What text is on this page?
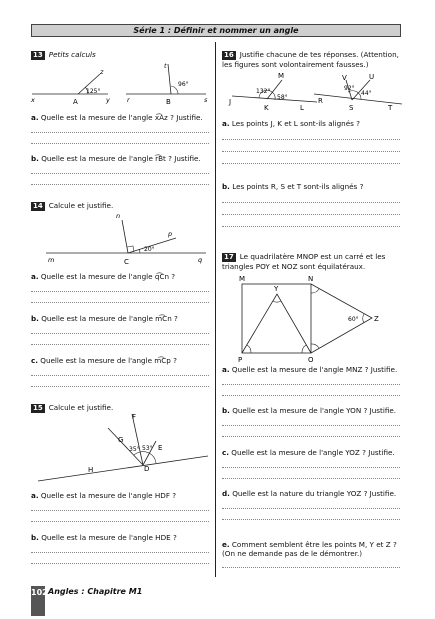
Série 1 : Définir et nommer un angle
13 Petits calculs
125°
x	A	y
z
96°
r	B	s
t
a. Quelle est la mesure de l'angle x͡Az ? Justifie.
b. Quelle est la mesure de l'angle r͡Bt ? Justifie.
14 Calcule et justifie.
20°
n
p
m	C	q
a. Quelle est la mesure de l'angle q͡Cn ?
b. Quelle est la mesure de l'angle m͡Cn ?
c. Quelle est la mesure de l'angle m͡Cp ?
15 Calcule et justifie.
35° 53°
F
G
E
H	D
a. Quelle est la mesure de l'angle HDF ?
b. Quelle est la mesure de l'angle HDE ?
16 Justifie chacune de tes réponses. (Attention, les figures sont volontairement fausses.)
132°
58°
M
J
K	L
92°
44°
V	U
R
S	T
a. Les points J, K et L sont-ils alignés ?
b. Les points R, S et T sont-ils alignés ?
17 Le quadrilatère MNOP est un carré et les triangles POY et NOZ sont équilatéraux.
60°
M
Y
N
Z
P	O
a. Quelle est la mesure de l'angle MNZ ? Justifie.
b. Quelle est la mesure de l'angle YON ? Justifie.
c. Quelle est la mesure de l'angle YOZ ? Justifie.
d. Quelle est la nature du triangle YOZ ? Justifie.
e. Comment semblent être les points M, Y et Z ? (On ne demande pas de le démontrer.)
102 Angles : Chapitre M1
